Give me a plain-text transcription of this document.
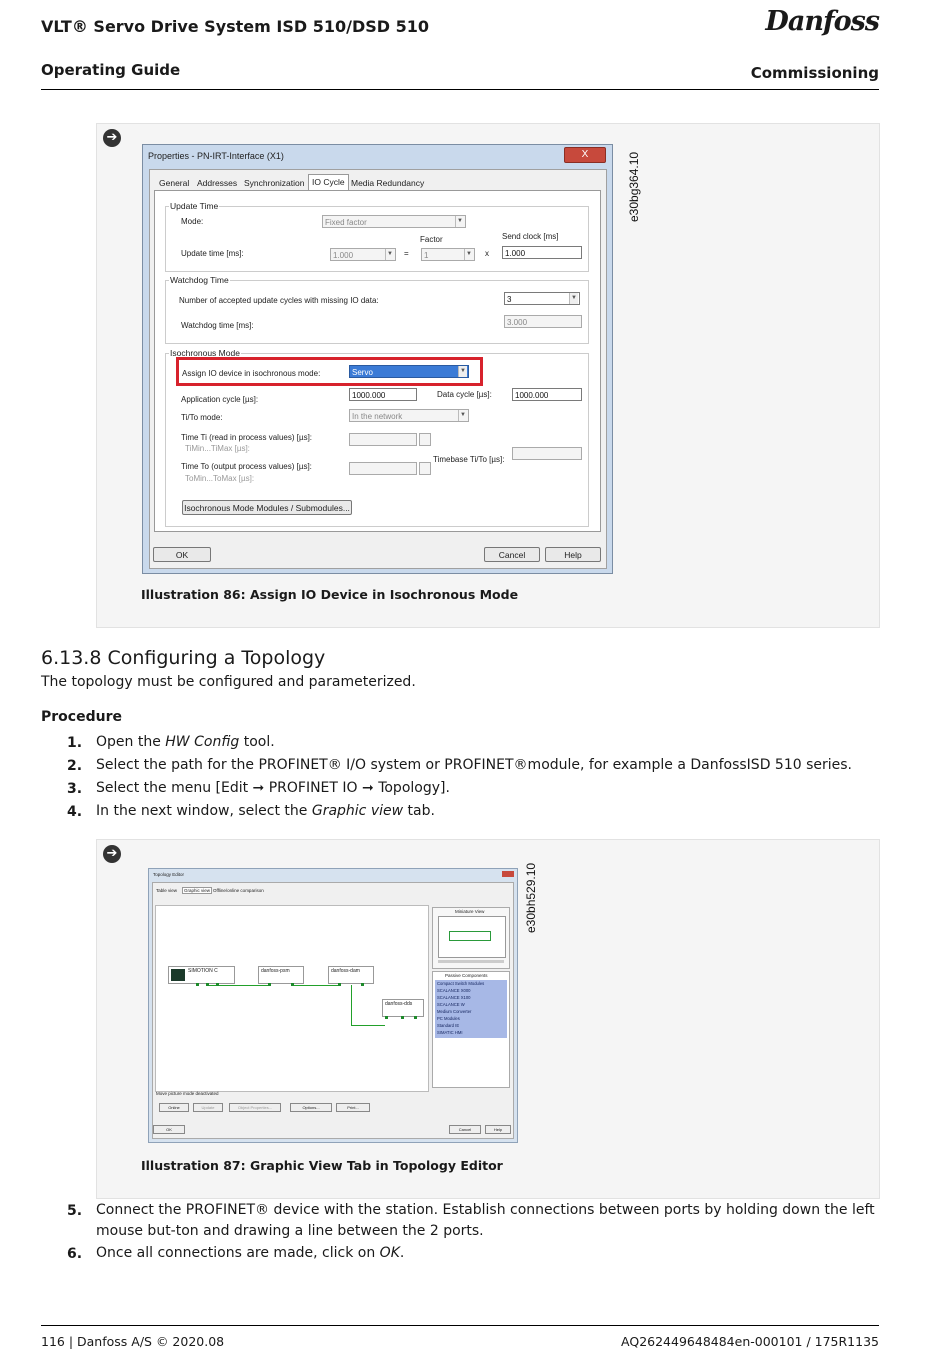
VLT® Servo Drive System ISD 510/DSD 510	Danfoss
Operating Guide	Commissioning
➔
e30bg364.10
Illustration 86: Assign IO Device in Isochronous Mode
Properties - PN-IRT-Interface (X1)	X
General Addresses Synchronization IO Cycle Media Redundancy
Update Time
Mode:	Fixed factor	▼
Factor	Send clock [ms]
Update time [ms]:	1.000	▼ =	1	▼ x	1.000
Watchdog Time
Number of accepted update cycles with missing IO data:	3	▼
Watchdog time [ms]:	3.000
Isochronous Mode
Assign IO device in isochronous mode:	Servo	▼
Application cycle [µs]:	1000.000	Data cycle [µs]:	1000.000
Ti/To mode:	In the network	▼
Time Ti (read in process values) [µs]:
TiMin...TiMax [µs]:
Time To (output process values) [µs]:
ToMin...ToMax [µs]:
Timebase Ti/To [µs]:
Isochronous Mode Modules / Submodules...
OK	Cancel	Help
6.13.8 Configuring a Topology
The topology must be configured and parameterized.
Procedure
1. Open the HW Config tool.
2. Select the path for the PROFINET® I/O system or PROFINET®module, for example a DanfossISD 510 series.
3. Select the menu [Edit ➞ PROFINET IO ➞ Topology].
4. In the next window, select the Graphic view tab.
➔
e30bh529.10
Illustration 87: Graphic View Tab in Topology Editor
Topology Editor
Table view	Graphic view Offline/online comparison
SIMOTION C	danfoss-psm	danfoss-dam
danfoss-dds
Miniature View
Passive Components
Compact Switch Modules
SCALANCE X000
SCALANCE X100
SCALANCE W
Medium Converter
PC Modules
Standard IE
SIMATIC HMI
Move picture mode deactivated
Online	Update	Object Properties...	Options...	Print...
OK	Cancel	Help
5. Connect the PROFINET® device with the station. Establish connections between ports by holding down the left mouse but-ton and drawing a line between the 2 ports.
6. Once all connections are made, click on OK.
116 | Danfoss A/S © 2020.08	AQ262449648484en-000101 / 175R1135
